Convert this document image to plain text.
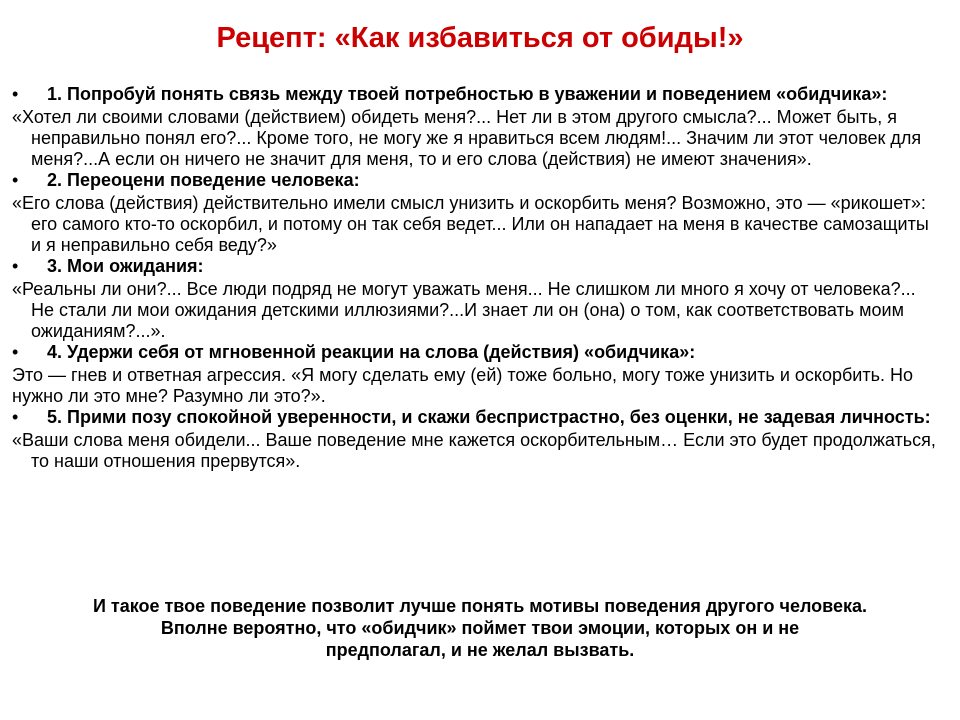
Рецепт: «Как избавиться от обиды!»
• 1. Попробуй понять связь между твоей потребностью в уважении и поведением «обидчика»:
«Хотел ли своими словами (действием) обидеть меня?... Нет ли в этом другого смысла?... Может быть, я неправильно понял его?... Кроме того, не могу же я нравиться всем людям!... Значим ли этот человек для меня?...А если он ничего не значит для меня, то и его слова (действия) не имеют значения».
• 2. Переоцени поведение человека:
«Его слова (действия) действительно имели смысл унизить и оскорбить меня? Возможно, это — «рикошет»: его самого кто-то оскорбил, и потому он так себя ведет... Или он нападает на меня в качестве самозащиты и я неправильно себя веду?»
• 3. Мои ожидания:
«Реальны ли они?... Все люди подряд не могут уважать меня... Не слишком ли много я хочу от человека?... Не стали ли мои ожидания детскими иллюзиями?...И знает ли он (она) о том, как соответствовать моим ожиданиям?...».
• 4. Удержи себя от мгновенной реакции на слова (действия) «обидчика»:
Это — гнев и ответная агрессия. «Я могу сделать ему (ей) тоже больно, могу тоже унизить и оскорбить. Но нужно ли это мне? Разумно ли это?».
• 5. Прими позу спокойной уверенности, и скажи беспристрастно, без оценки, не задевая личность:
«Ваши слова меня обидели... Ваше поведение мне кажется оскорбительным… Если это будет продолжаться, то наши отношения прервутся».
И такое твое поведение позволит лучше понять мотивы поведения другого человека.
Вполне вероятно, что «обидчик» поймет твои эмоции, которых он и не
предполагал, и не желал вызвать.
